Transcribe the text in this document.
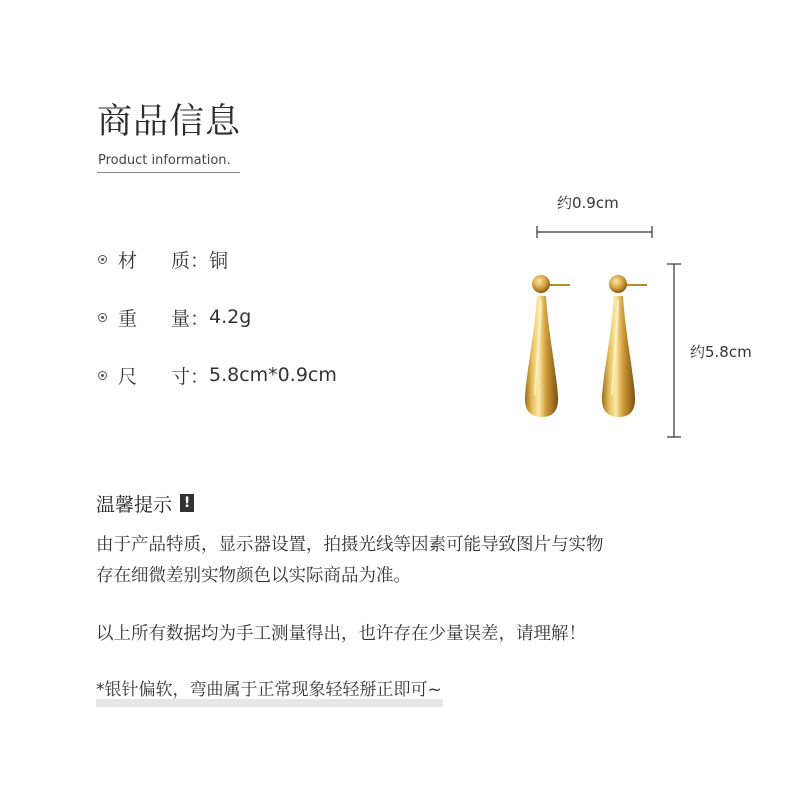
商品信息
Product information.
材 质： 铜
重 量： 4.2g
尺 寸： 5.8cm*0.9cm
约0.9cm
约5.8cm
温馨提示 !
由于产品特质，显示器设置，拍摄光线等因素可能导致图片与实物
存在细微差别实物颜色以实际商品为准。
以上所有数据均为手工测量得出，也许存在少量误差，请理解！
*银针偏软，弯曲属于正常现象轻轻掰正即可~
